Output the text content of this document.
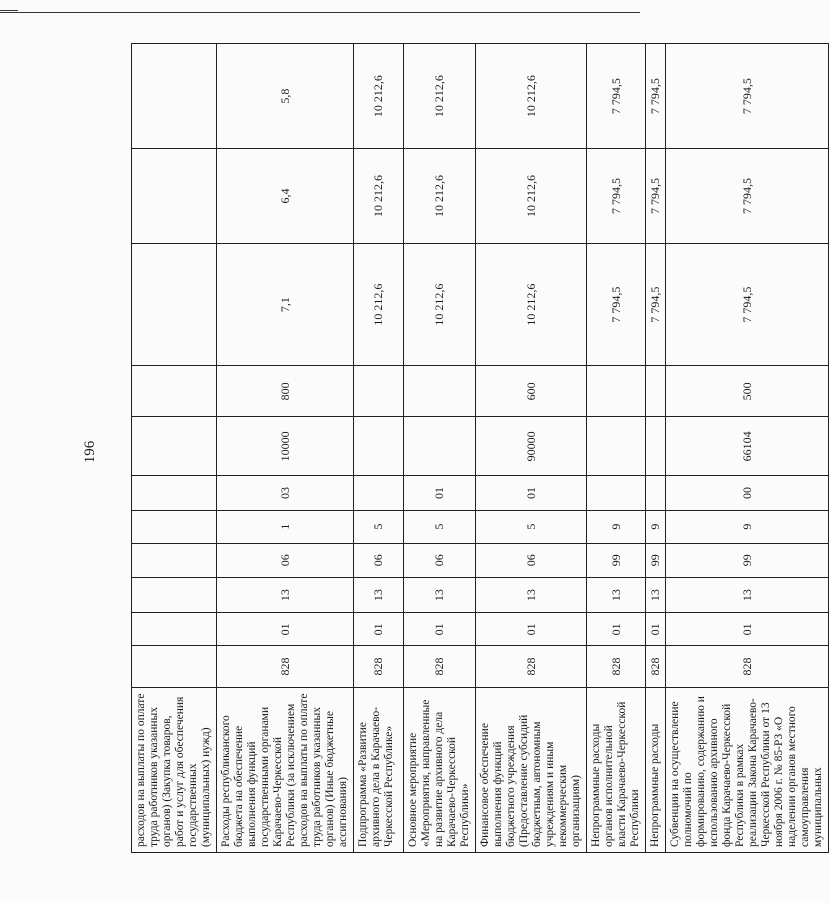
196
расходов на выплаты по оплате труда работников указанных органов) (Закупка товаров, работ и услуг для обеспечения государственных (муниципальных) нужд)											
Расходы республиканского бюджета на обеспечение выполнения функций государственными органами Карачаево-Черкесской Республики (за исключением расходов на выплаты по оплате труда работников указанных органов) (Иные бюджетные ассигнования)	828	01	13	06	1	03	10000	800	7,1	6,4	5,8
Подпрограмма «Развитие архивного дела в Карачаево-Черкесской Республике»	828	01	13	06	5				10 212,6	10 212,6	10 212,6
Основное мероприятие «Мероприятия, направленные на развитие архивного дела Карачаево-Черкесской Республики»	828	01	13	06	5	01			10 212,6	10 212,6	10 212,6
Финансовое обеспечение выполнения функций бюджетного учреждения (Предоставление субсидий бюджетным, автономным учреждениям и иным некоммерческим организациям)	828	01	13	06	5	01	90000	600	10 212,6	10 212,6	10 212,6
Непрограммные расходы органов исполнительной власти Карачаево-Черкесской Республики	828	01	13	99	9				7 794,5	7 794,5	7 794,5
Непрограммные расходы	828	01	13	99	9				7 794,5	7 794,5	7 794,5
Субвенции на осуществление полномочий по формированию, содержанию и использованию архивного фонда Карачаево-Черкесской Республики в рамках реализации Закона Карачаево-Черкесской Республики от 13 ноября 2006 г. № 85-РЗ «О наделении органов местного самоуправления муниципальных	828	01	13	99	9	00	66104	500	7 794,5	7 794,5	7 794,5
